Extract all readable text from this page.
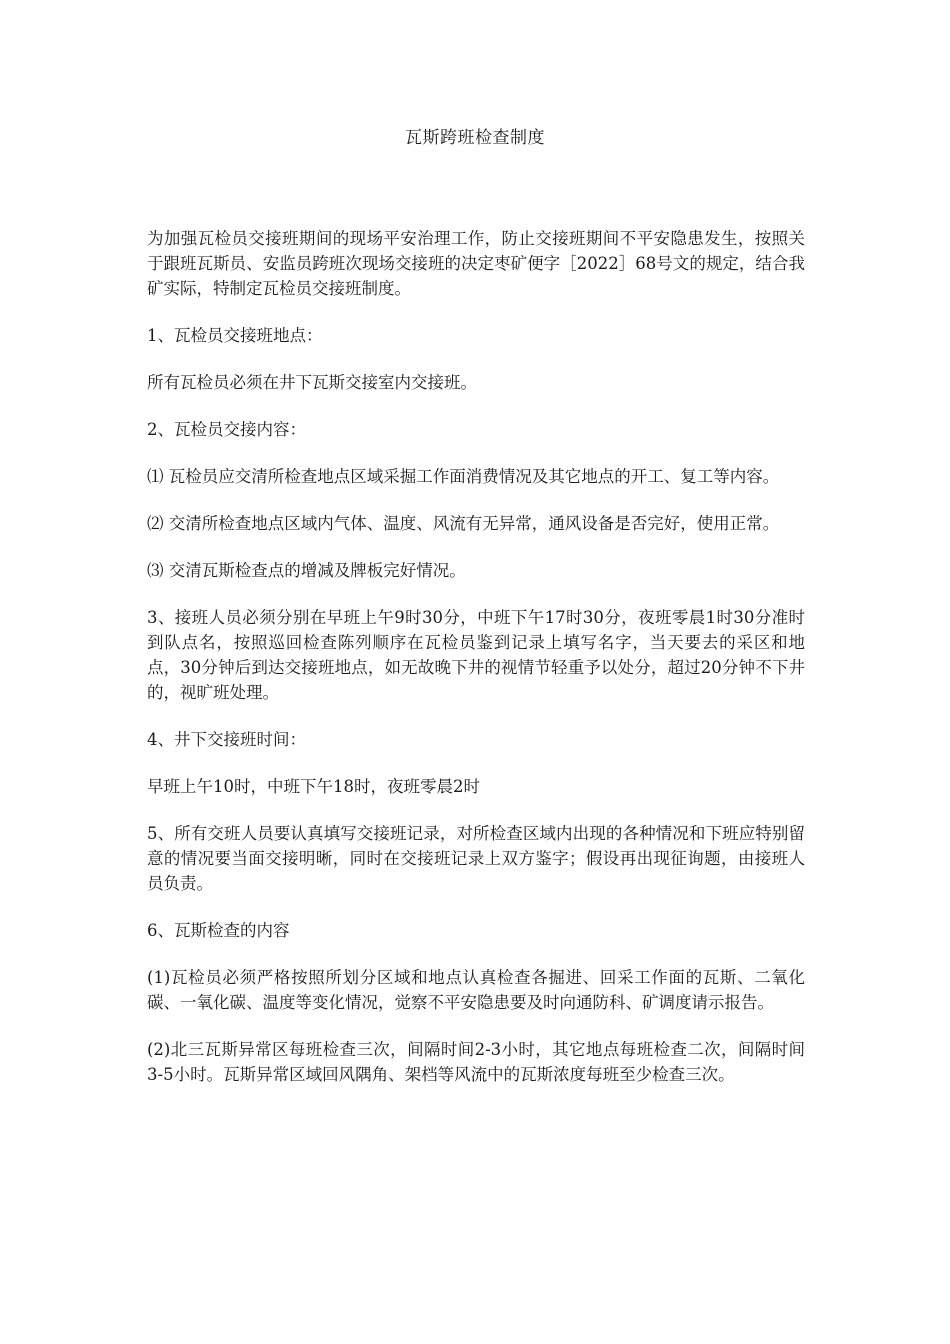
瓦斯跨班检查制度

为加强瓦检员交接班期间的现场平安治理工作，防止交接班期间不平安隐患发生，按照关于跟班瓦斯员、安监员跨班次现场交接班的决定枣矿便字［2022］68号文的规定，结合我矿实际，特制定瓦检员交接班制度。

1、瓦检员交接班地点：

所有瓦检员必须在井下瓦斯交接室内交接班。

2、瓦检员交接内容：

⑴ 瓦检员应交清所检查地点区域采掘工作面消费情况及其它地点的开工、复工等内容。

⑵ 交清所检查地点区域内气体、温度、风流有无异常，通风设备是否完好，使用正常。

⑶ 交清瓦斯检查点的增减及牌板完好情况。

3、接班人员必须分别在早班上午9时30分，中班下午17时30分，夜班零晨1时30分准时到队点名，按照巡回检查陈列顺序在瓦检员鉴到记录上填写名字，当天要去的采区和地点，30分钟后到达交接班地点，如无故晚下井的视情节轻重予以处分，超过20分钟不下井的，视旷班处理。

4、井下交接班时间：

早班上午10时，中班下午18时，夜班零晨2时

5、所有交班人员要认真填写交接班记录，对所检查区域内出现的各种情况和下班应特别留意的情况要当面交接明晰，同时在交接班记录上双方鉴字；假设再出现征询题，由接班人员负责。

6、瓦斯检查的内容

(1)瓦检员必须严格按照所划分区域和地点认真检查各掘进、回采工作面的瓦斯、二氧化碳、一氧化碳、温度等变化情况，觉察不平安隐患要及时向通防科、矿调度请示报告。

(2)北三瓦斯异常区每班检查三次，间隔时间2-3小时，其它地点每班检查二次，间隔时间3-5小时。瓦斯异常区域回风隅角、架档等风流中的瓦斯浓度每班至少检查三次。
